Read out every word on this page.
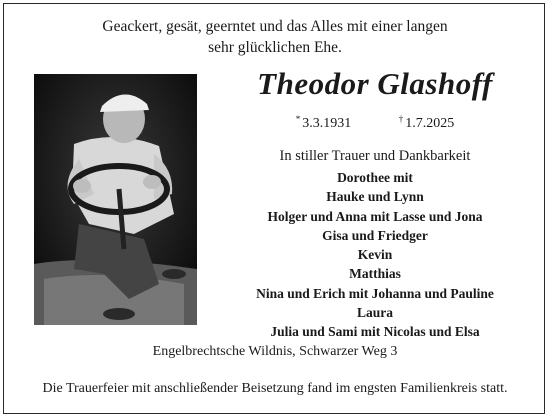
Geackert, gesät, geerntet und das Alles mit einer langen
sehr glücklichen Ehe.
Theodor Glashoff
* 3.3.1931	† 1.7.2025
In stiller Trauer und Dankbarkeit
Dorothee mit
Hauke und Lynn
Holger und Anna mit Lasse und Jona
Gisa und Friedger
Kevin
Matthias
Nina und Erich mit Johanna und Pauline
Laura
Julia und Sami mit Nicolas und Elsa
Engelbrechtsche Wildnis, Schwarzer Weg 3
Die Trauerfeier mit anschließender Beisetzung fand im engsten Familienkreis statt.
